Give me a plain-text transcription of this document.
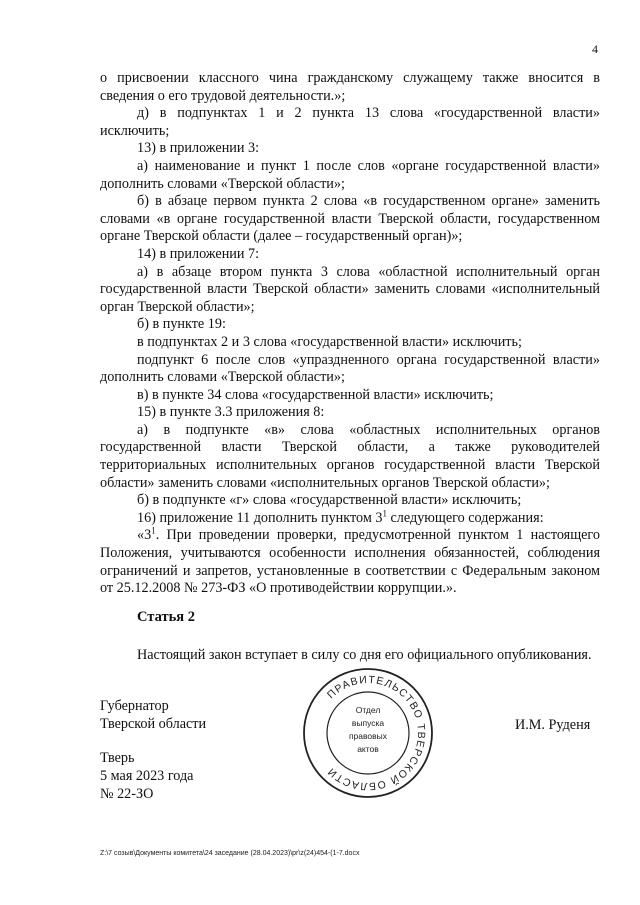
4

о присвоении классного чина гражданскому служащему также вносится в сведения о его трудовой деятельности.»;

д) в подпунктах 1 и 2 пункта 13 слова «государственной власти» исключить;

13) в приложении 3:

а) наименование и пункт 1 после слов «органе государственной власти» дополнить словами «Тверской области»;

б) в абзаце первом пункта 2 слова «в государственном органе» заменить словами «в органе государственной власти Тверской области, государственном органе Тверской области (далее – государственный орган)»;

14) в приложении 7:

а) в абзаце втором пункта 3 слова «областной исполнительный орган государственной власти Тверской области» заменить словами «исполнительный орган Тверской области»;

б) в пункте 19:

в подпунктах 2 и 3 слова «государственной власти» исключить;

подпункт 6 после слов «упраздненного органа государственной власти» дополнить словами «Тверской области»;

в) в пункте 34 слова «государственной власти» исключить;

15) в пункте 3.3 приложения 8:

а) в подпункте «в» слова «областных исполнительных органов государственной власти Тверской области, а также руководителей территориальных исполнительных органов государственной власти Тверской области» заменить словами «исполнительных органов Тверской области»;

б) в подпункте «г» слова «государственной власти» исключить;

16) приложение 11 дополнить пунктом $3^1$ следующего содержания:

«$3^1$. При проведении проверки, предусмотренной пунктом 1 настоящего Положения, учитываются особенности исполнения обязанностей, соблюдения ограничений и запретов, установленные в соответствии с Федеральным законом от 25.12.2008 № 273-ФЗ «О противодействии коррупции.».

Статья 2

Настоящий закон вступает в силу со дня его официального опубликования.

Губернатор
Тверской области	И.М. Руденя
Тверь
5 мая 2023 года
№ 22-ЗО
ПРАВИТЕЛЬСТВО ТВЕРСКОЙ ОБЛАСТИ
Отдел
выпуска
правовых
актов
Z:\7 созыв\Документы комитета\24 заседание (28.04.2023)\pr\z(24)454-(1-7.docx
